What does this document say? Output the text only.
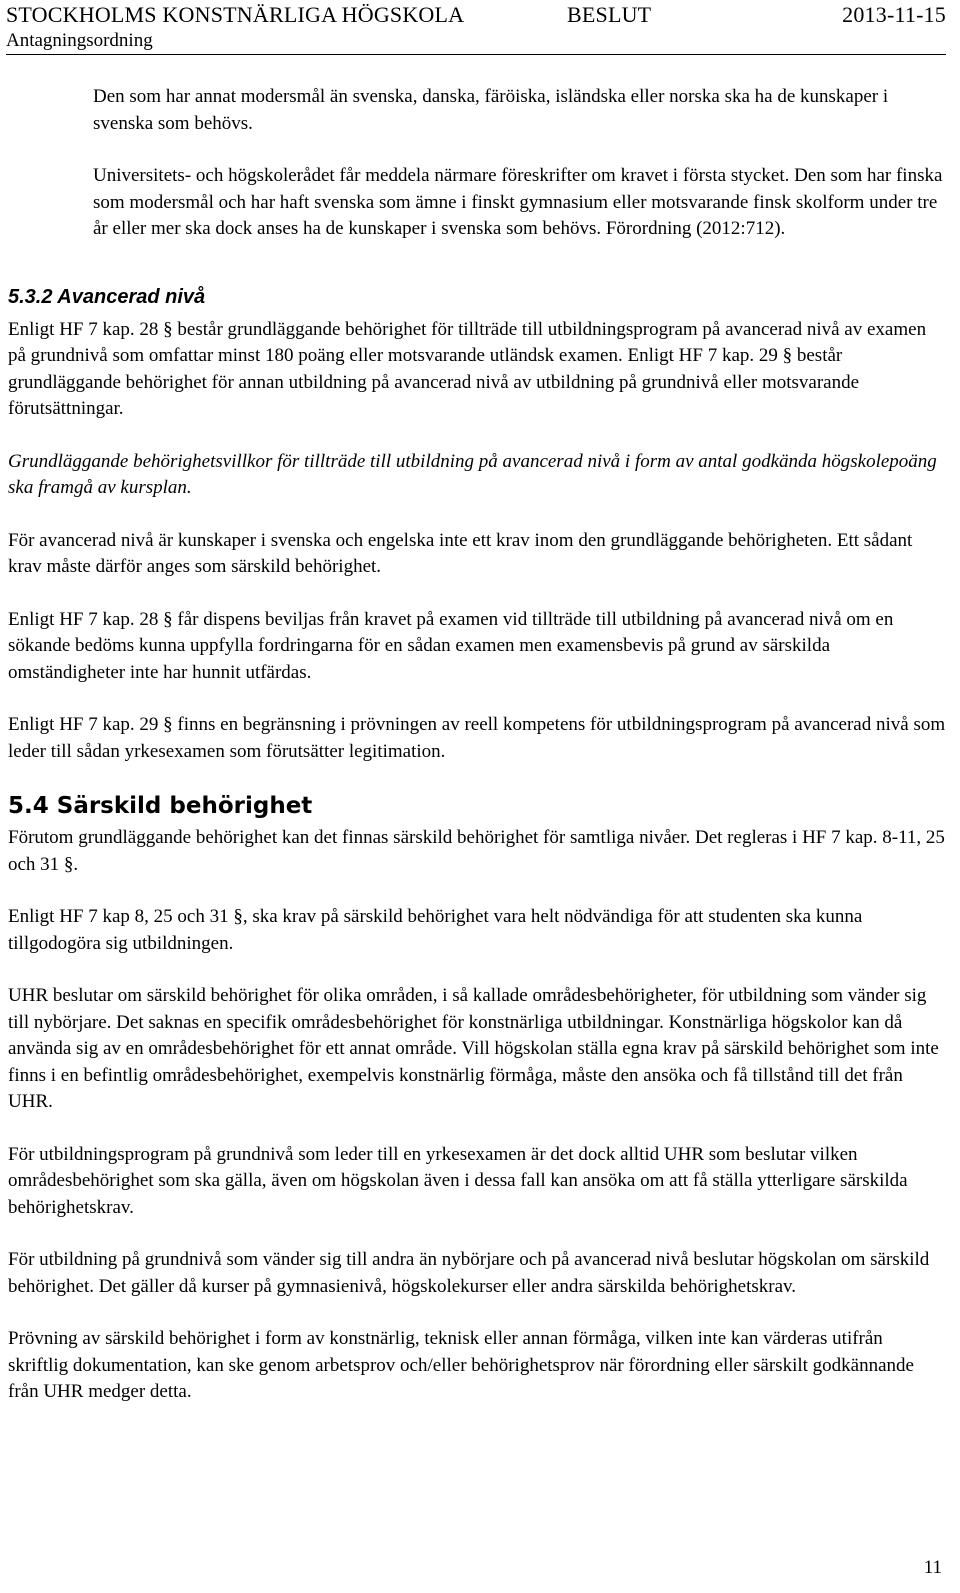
STOCKHOLMS KONSTNÄRLIGA HÖGSKOLA	BESLUT	2013-11-15
Antagningsordning

Den som har annat modersmål än svenska, danska, färöiska, isländska eller norska ska ha de kunskaper i svenska som behövs.

Universitets- och högskolerådet får meddela närmare föreskrifter om kravet i första stycket. Den som har finska som modersmål och har haft svenska som ämne i finskt gymnasium eller motsvarande finsk skolform under tre år eller mer ska dock anses ha de kunskaper i svenska som behövs. Förordning (2012:712).

5.3.2 Avancerad nivå

Enligt HF 7 kap. 28 § består grundläggande behörighet för tillträde till utbildningsprogram på avancerad nivå av examen på grundnivå som omfattar minst 180 poäng eller motsvarande utländsk examen. Enligt HF 7 kap. 29 § består grundläggande behörighet för annan utbildning på avancerad nivå av utbildning på grundnivå eller motsvarande förutsättningar.

Grundläggande behörighetsvillkor för tillträde till utbildning på avancerad nivå i form av antal godkända högskolepoäng ska framgå av kursplan.

För avancerad nivå är kunskaper i svenska och engelska inte ett krav inom den grundläggande behörigheten. Ett sådant krav måste därför anges som särskild behörighet.

Enligt HF 7 kap. 28 § får dispens beviljas från kravet på examen vid tillträde till utbildning på avancerad nivå om en sökande bedöms kunna uppfylla fordringarna för en sådan examen men examensbevis på grund av särskilda omständigheter inte har hunnit utfärdas.

Enligt HF 7 kap. 29 § finns en begränsning i prövningen av reell kompetens för utbildningsprogram på avancerad nivå som leder till sådan yrkesexamen som förutsätter legitimation.

5.4 Särskild behörighet

Förutom grundläggande behörighet kan det finnas särskild behörighet för samtliga nivåer. Det regleras i HF 7 kap. 8-11, 25 och 31 §.

Enligt HF 7 kap 8, 25 och 31 §, ska krav på särskild behörighet vara helt nödvändiga för att studenten ska kunna tillgodogöra sig utbildningen.

UHR beslutar om särskild behörighet för olika områden, i så kallade områdesbehörigheter, för utbildning som vänder sig till nybörjare. Det saknas en specifik områdesbehörighet för konstnärliga utbildningar. Konstnärliga högskolor kan då använda sig av en områdesbehörighet för ett annat område. Vill högskolan ställa egna krav på särskild behörighet som inte finns i en befintlig områdesbehörighet, exempelvis konstnärlig förmåga, måste den ansöka och få tillstånd till det från UHR.

För utbildningsprogram på grundnivå som leder till en yrkesexamen är det dock alltid UHR som beslutar vilken områdesbehörighet som ska gälla, även om högskolan även i dessa fall kan ansöka om att få ställa ytterligare särskilda behörighetskrav.

För utbildning på grundnivå som vänder sig till andra än nybörjare och på avancerad nivå beslutar högskolan om särskild behörighet. Det gäller då kurser på gymnasienivå, högskolekurser eller andra särskilda behörighetskrav.

Prövning av särskild behörighet i form av konstnärlig, teknisk eller annan förmåga, vilken inte kan värderas utifrån skriftlig dokumentation, kan ske genom arbetsprov och/eller behörighetsprov när förordning eller särskilt godkännande från UHR medger detta.

11
